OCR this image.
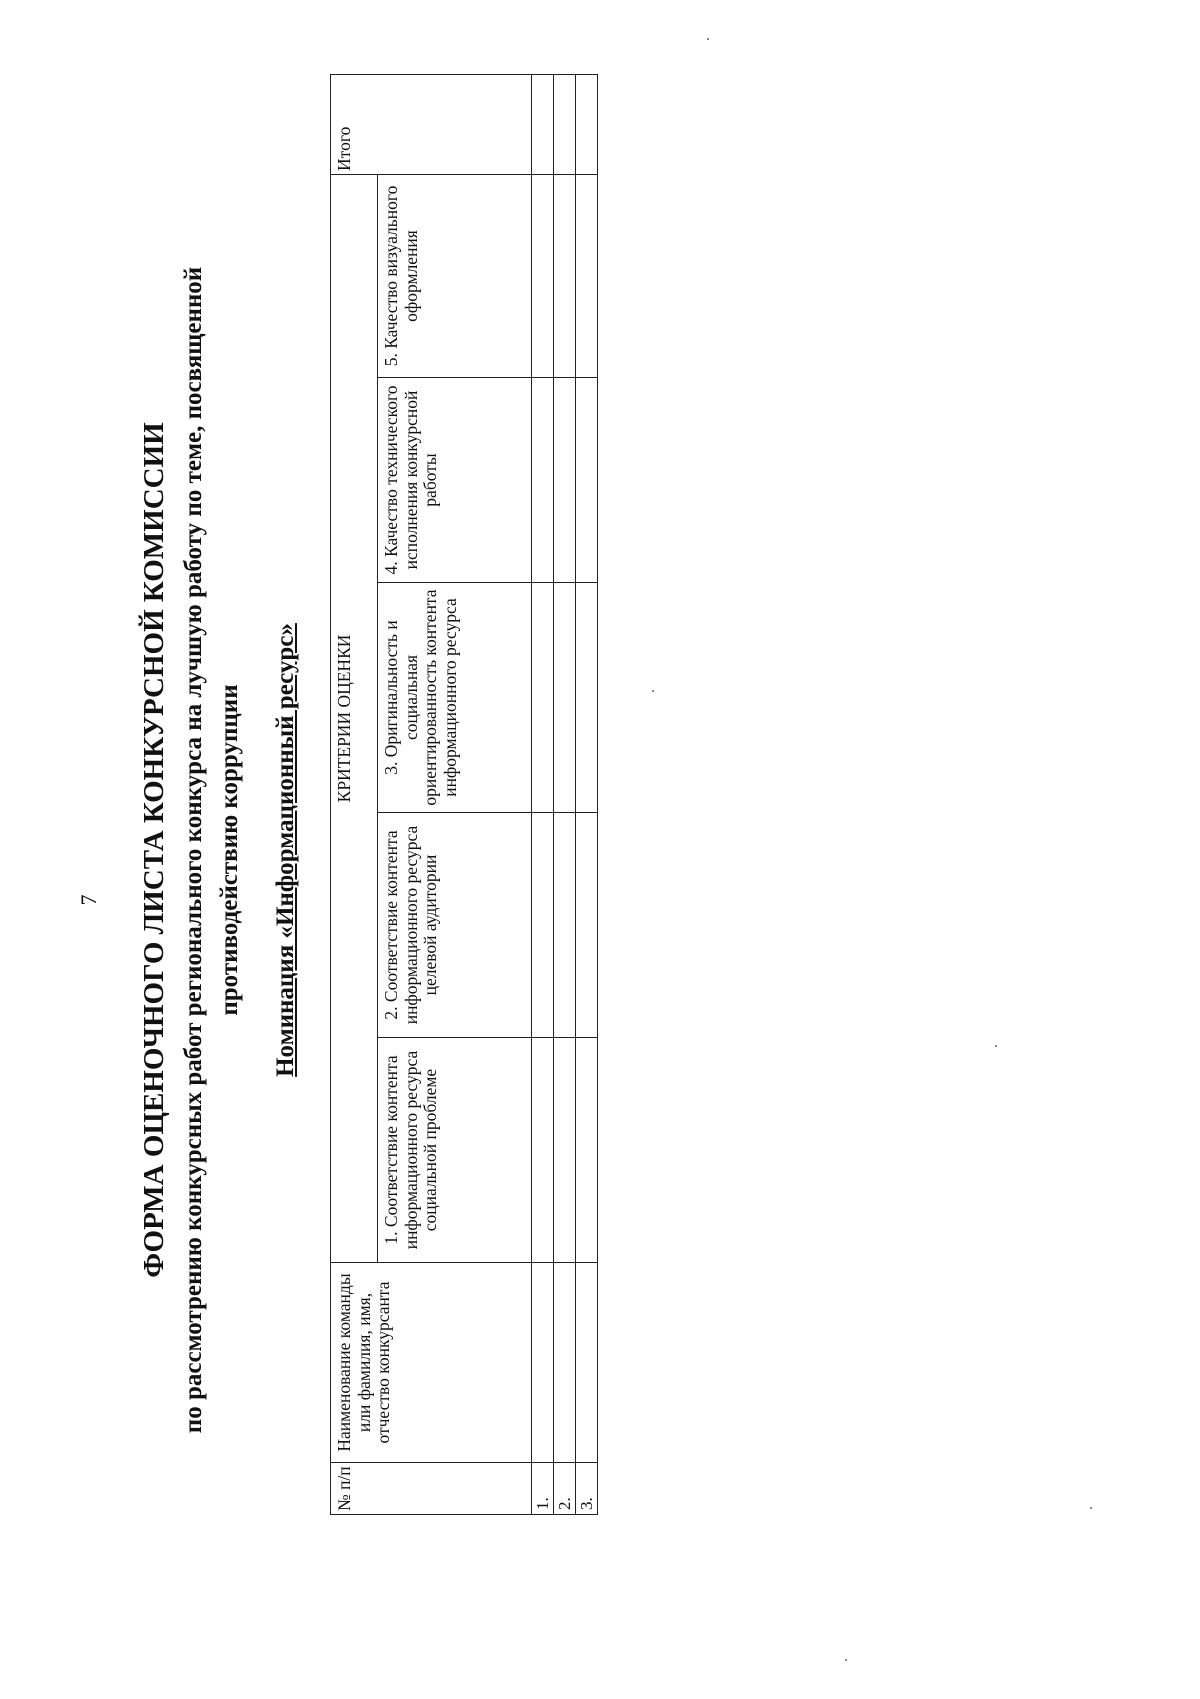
7 ФОРМА ОЦЕНОЧНОГО ЛИСТА КОНКУРСНОЙ КОМИССИИ по рассмотрению конкурсных работ регионального конкурса на лучшую работу по теме, посвященной противодействию коррупции Номинация «Информационный ресурс»
№ п/п	Наименование команды или фамилия, имя, отчество конкурсанта	КРИТЕРИИ ОЦЕНКИ					Итого
		1. Соответствие контента информационного ресурса социальной проблеме	2. Соответствие контента информационного ресурса целевой аудитории	3. Оригинальность и социальная ориентированность контента информационного ресурса	4. Качество технического исполнения конкурсной работы	5. Качество визуального оформления	
1.							
2.							
3.							
